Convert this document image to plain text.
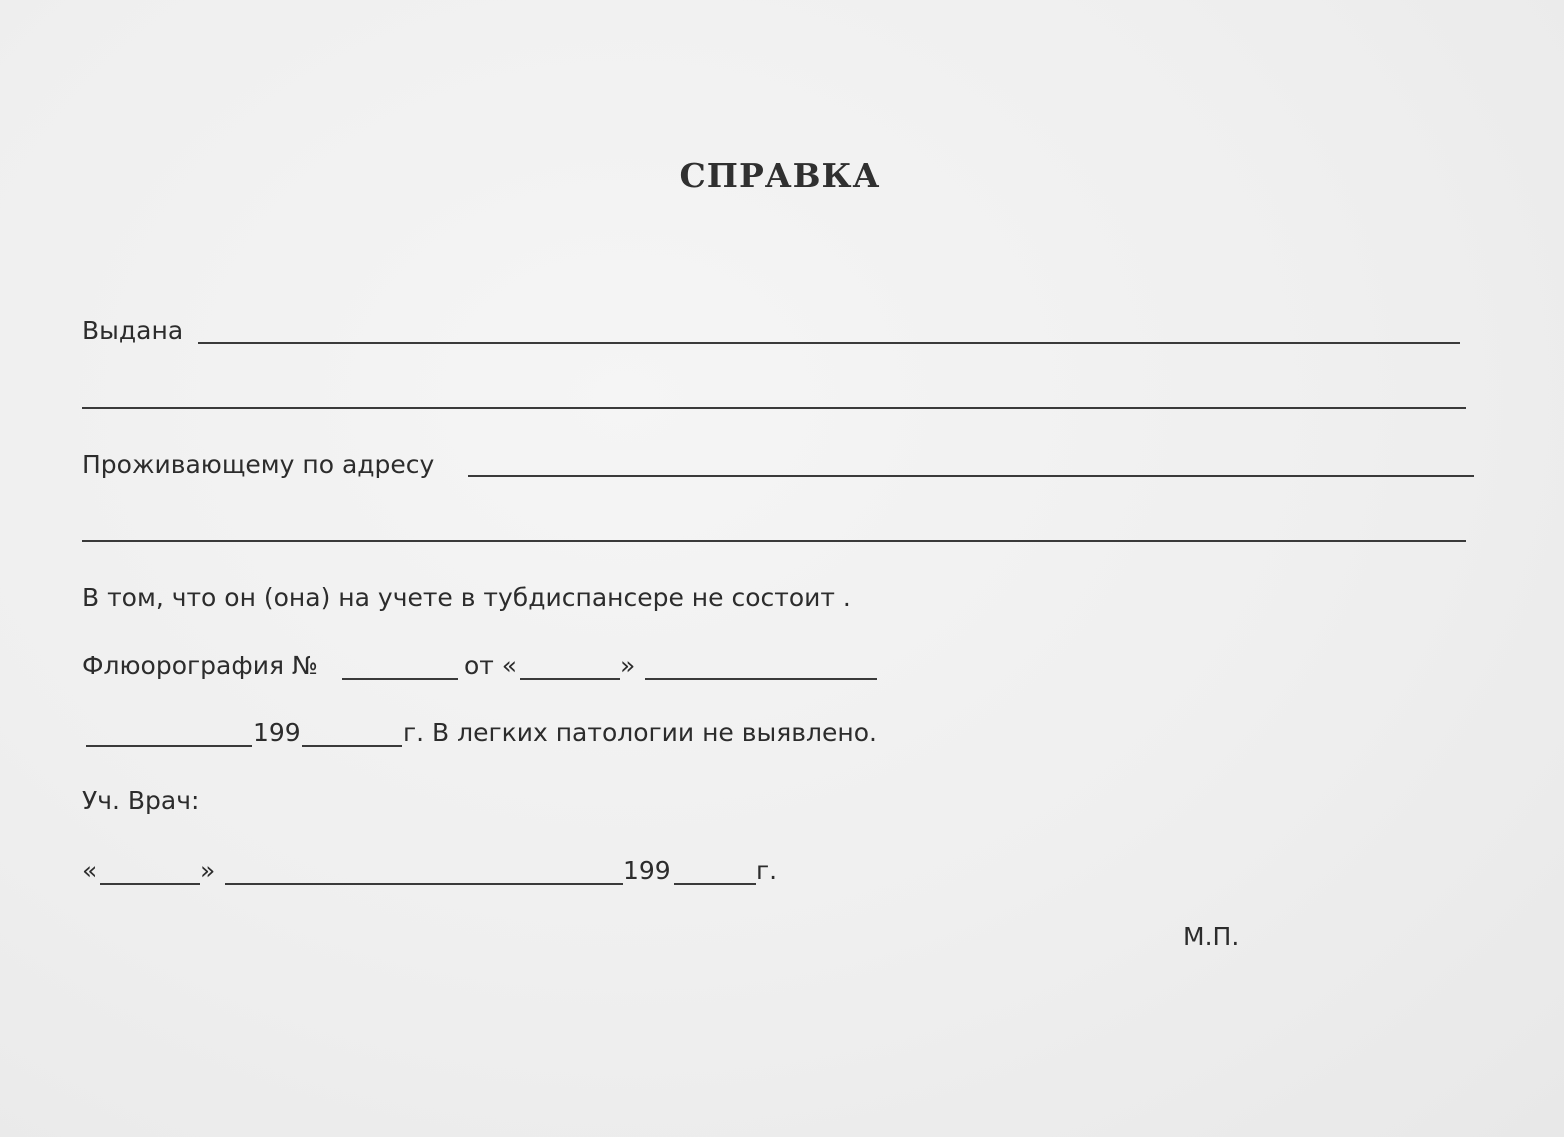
СПРАВКА
Выдана
Проживающему по адресу
В том, что он (она) на учете в тубдиспансере не состоит .
Флюорография №	от «	»
199	г. В легких патологии не выявлено.
Уч. Врач:
«	»	199	г.
М.П.
